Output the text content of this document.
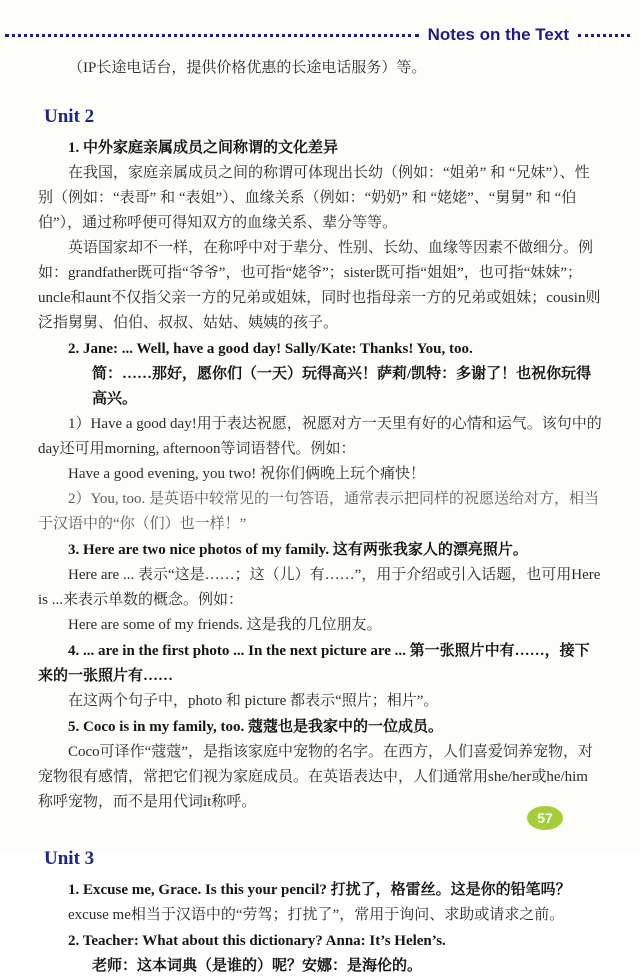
Notes on the Text

（IP长途电话台，提供价格优惠的长途电话服务）等。

Unit 2

1. 中外家庭亲属成员之间称谓的文化差异

在我国，家庭亲属成员之间的称谓可体现出长幼（例如：“姐弟” 和 “兄妹”）、性别（例如：“表哥” 和 “表姐”）、血缘关系（例如：“奶奶” 和 “姥姥”、“舅舅” 和 “伯伯”），通过称呼便可得知双方的血缘关系、辈分等等。

英语国家却不一样，在称呼中对于辈分、性别、长幼、血缘等因素不做细分。例如：grandfather既可指“爷爷”，也可指“姥爷”；sister既可指“姐姐”，也可指“妹妹”；uncle和aunt不仅指父亲一方的兄弟或姐妹，同时也指母亲一方的兄弟或姐妹；cousin则泛指舅舅、伯伯、叔叔、姑姑、姨姨的孩子。

2. Jane: ... Well, have a good day! Sally/Kate: Thanks! You, too.

简：……那好，愿你们（一天）玩得高兴！萨莉/凯特：多谢了！也祝你玩得高兴。

1）Have a good day!用于表达祝愿，祝愿对方一天里有好的心情和运气。该句中的day还可用morning, afternoon等词语替代。例如：

Have a good evening, you two! 祝你们俩晚上玩个痛快！

2）You, too. 是英语中较常见的一句答语，通常表示把同样的祝愿送给对方，相当于汉语中的“你（们）也一样！”

3. Here are two nice photos of my family. 这有两张我家人的漂亮照片。

Here are ... 表示“这是……；这（儿）有……”，用于介绍或引入话题，也可用Here is ...来表示单数的概念。例如：

Here are some of my friends. 这是我的几位朋友。

4. ... are in the first photo ... In the next picture are ... 第一张照片中有……，接下来的一张照片有……

在这两个句子中，photo 和 picture 都表示“照片；相片”。

5. Coco is in my family, too. 蔻蔻也是我家中的一位成员。

Coco可译作“蔻蔻”，是指该家庭中宠物的名字。在西方，人们喜爱饲养宠物，对宠物很有感情，常把它们视为家庭成员。在英语表达中，人们通常用she/her或he/him称呼宠物，而不是用代词it称呼。

Unit 3

1. Excuse me, Grace. Is this your pencil? 打扰了，格雷丝。这是你的铅笔吗？

excuse me相当于汉语中的“劳驾；打扰了”，常用于询问、求助或请求之前。

2. Teacher: What about this dictionary? Anna: It’s Helen’s.

老师：这本词典（是谁的）呢？安娜：是海伦的。

57
